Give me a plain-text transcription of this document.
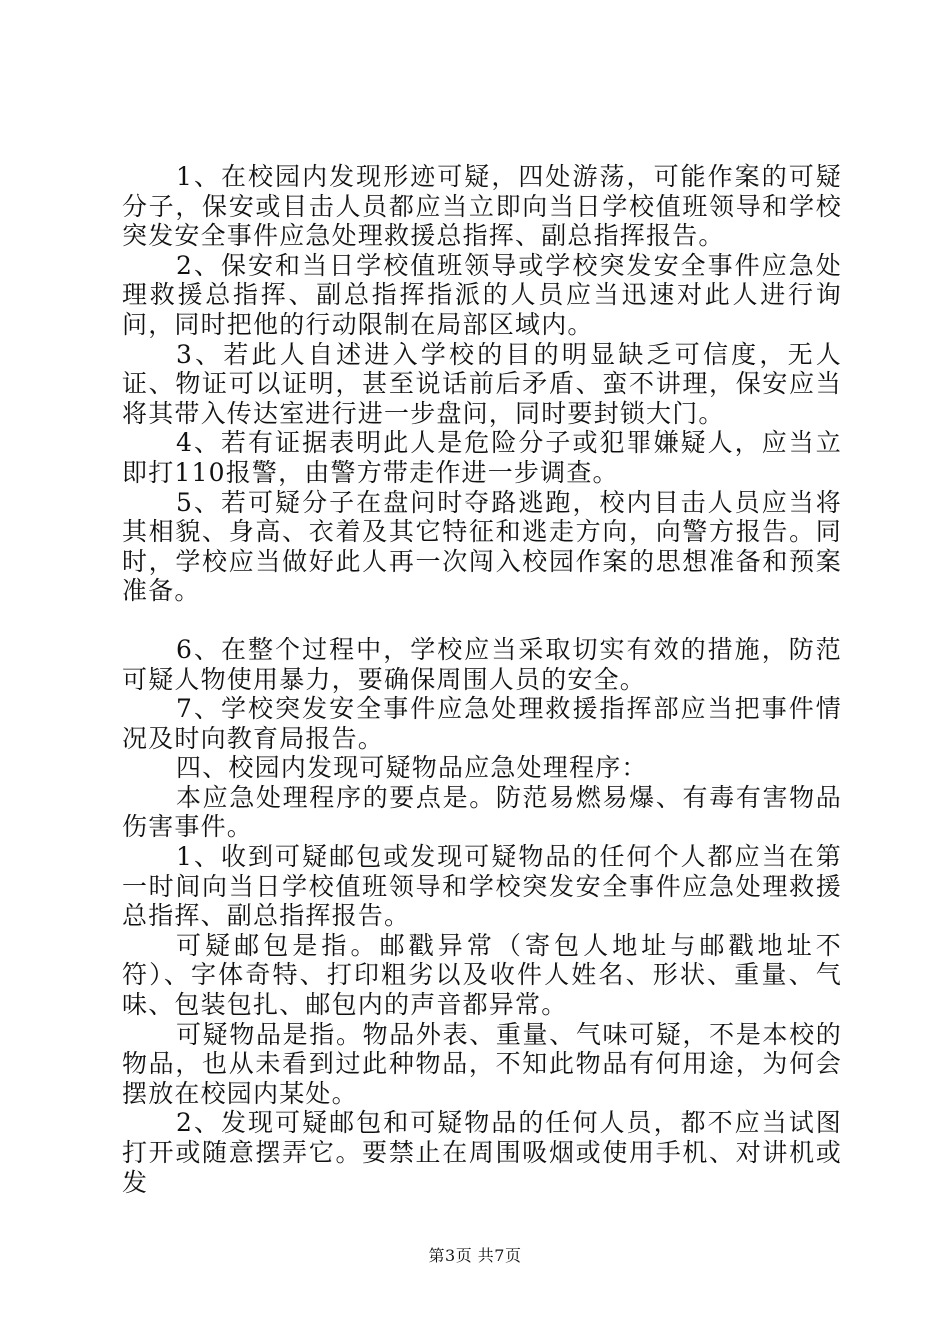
1、在校园内发现形迹可疑，四处游荡，可能作案的可疑分子，保安或目击人员都应当立即向当日学校值班领导和学校突发安全事件应急处理救援总指挥、副总指挥报告。

2、保安和当日学校值班领导或学校突发安全事件应急处理救援总指挥、副总指挥指派的人员应当迅速对此人进行询问，同时把他的行动限制在局部区域内。

3、若此人自述进入学校的目的明显缺乏可信度，无人证、物证可以证明，甚至说话前后矛盾、蛮不讲理，保安应当将其带入传达室进行进一步盘问，同时要封锁大门。

4、若有证据表明此人是危险分子或犯罪嫌疑人，应当立即打110报警，由警方带走作进一步调查。

5、若可疑分子在盘问时夺路逃跑，校内目击人员应当将其相貌、身高、衣着及其它特征和逃走方向，向警方报告。同时，学校应当做好此人再一次闯入校园作案的思想准备和预案准备。

6、在整个过程中，学校应当采取切实有效的措施，防范可疑人物使用暴力，要确保周围人员的安全。

7、学校突发安全事件应急处理救援指挥部应当把事件情况及时向教育局报告。

四、校园内发现可疑物品应急处理程序：

本应急处理程序的要点是。防范易燃易爆、有毒有害物品伤害事件。

1、收到可疑邮包或发现可疑物品的任何个人都应当在第一时间向当日学校值班领导和学校突发安全事件应急处理救援总指挥、副总指挥报告。

可疑邮包是指。邮戳异常（寄包人地址与邮戳地址不符）、字体奇特、打印粗劣以及收件人姓名、形状、重量、气味、包装包扎、邮包内的声音都异常。

可疑物品是指。物品外表、重量、气味可疑，不是本校的物品，也从未看到过此种物品，不知此物品有何用途，为何会摆放在校园内某处。

2、发现可疑邮包和可疑物品的任何人员，都不应当试图打开或随意摆弄它。要禁止在周围吸烟或使用手机、对讲机或发

第3页 共7页
